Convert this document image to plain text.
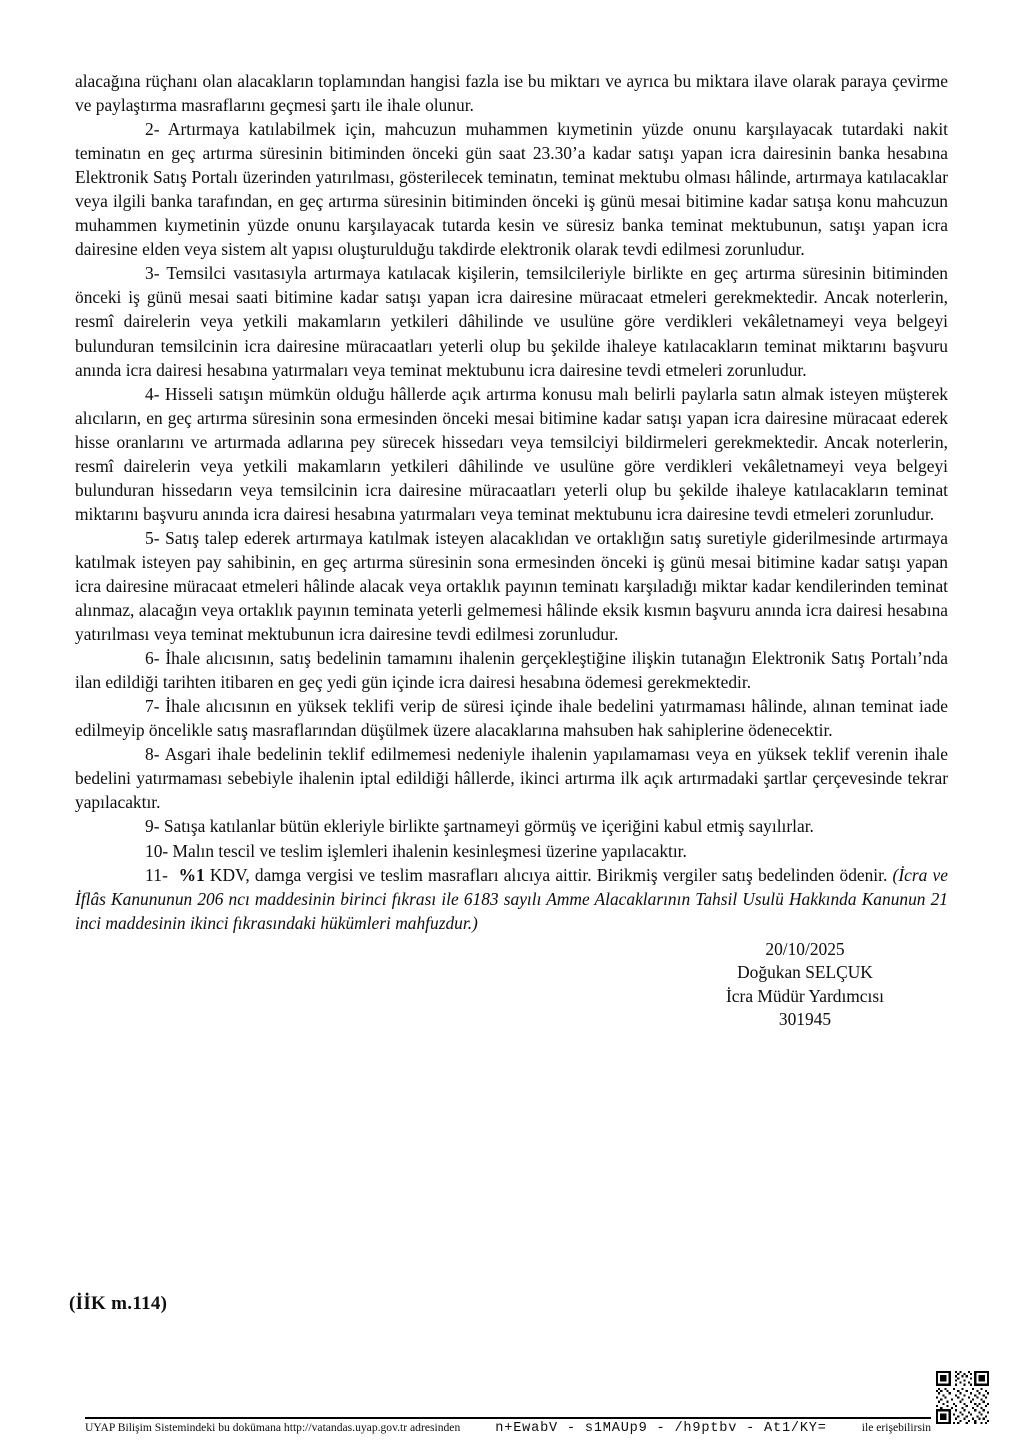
alacağına rüçhanı olan alacakların toplamından hangisi fazla ise bu miktarı ve ayrıca bu miktara ilave olarak paraya çevirme ve paylaştırma masraflarını geçmesi şartı ile ihale olunur.

2- Artırmaya katılabilmek için, mahcuzun muhammen kıymetinin yüzde onunu karşılayacak tutardaki nakit teminatın en geç artırma süresinin bitiminden önceki gün saat 23.30’a kadar satışı yapan icra dairesinin banka hesabına Elektronik Satış Portalı üzerinden yatırılması, gösterilecek teminatın, teminat mektubu olması hâlinde, artırmaya katılacaklar veya ilgili banka tarafından, en geç artırma süresinin bitiminden önceki iş günü mesai bitimine kadar satışa konu mahcuzun muhammen kıymetinin yüzde onunu karşılayacak tutarda kesin ve süresiz banka teminat mektubunun, satışı yapan icra dairesine elden veya sistem alt yapısı oluşturulduğu takdirde elektronik olarak tevdi edilmesi zorunludur.

3- Temsilci vasıtasıyla artırmaya katılacak kişilerin, temsilcileriyle birlikte en geç artırma süresinin bitiminden önceki iş günü mesai saati bitimine kadar satışı yapan icra dairesine müracaat etmeleri gerekmektedir. Ancak noterlerin, resmî dairelerin veya yetkili makamların yetkileri dâhilinde ve usulüne göre verdikleri vekâletnameyi veya belgeyi bulunduran temsilcinin icra dairesine müracaatları yeterli olup bu şekilde ihaleye katılacakların teminat miktarını başvuru anında icra dairesi hesabına yatırmaları veya teminat mektubunu icra dairesine tevdi etmeleri zorunludur.

4- Hisseli satışın mümkün olduğu hâllerde açık artırma konusu malı belirli paylarla satın almak isteyen müşterek alıcıların, en geç artırma süresinin sona ermesinden önceki mesai bitimine kadar satışı yapan icra dairesine müracaat ederek hisse oranlarını ve artırmada adlarına pey sürecek hissedarı veya temsilciyi bildirmeleri gerekmektedir. Ancak noterlerin, resmî dairelerin veya yetkili makamların yetkileri dâhilinde ve usulüne göre verdikleri vekâletnameyi veya belgeyi bulunduran hissedarın veya temsilcinin icra dairesine müracaatları yeterli olup bu şekilde ihaleye katılacakların teminat miktarını başvuru anında icra dairesi hesabına yatırmaları veya teminat mektubunu icra dairesine tevdi etmeleri zorunludur.

5- Satış talep ederek artırmaya katılmak isteyen alacaklıdan ve ortaklığın satış suretiyle giderilmesinde artırmaya katılmak isteyen pay sahibinin, en geç artırma süresinin sona ermesinden önceki iş günü mesai bitimine kadar satışı yapan icra dairesine müracaat etmeleri hâlinde alacak veya ortaklık payının teminatı karşıladığı miktar kadar kendilerinden teminat alınmaz, alacağın veya ortaklık payının teminata yeterli gelmemesi hâlinde eksik kısmın başvuru anında icra dairesi hesabına yatırılması veya teminat mektubunun icra dairesine tevdi edilmesi zorunludur.

6- İhale alıcısının, satış bedelinin tamamını ihalenin gerçekleştiğine ilişkin tutanağın Elektronik Satış Portalı’nda ilan edildiği tarihten itibaren en geç yedi gün içinde icra dairesi hesabına ödemesi gerekmektedir.

7- İhale alıcısının en yüksek teklifi verip de süresi içinde ihale bedelini yatırmaması hâlinde, alınan teminat iade edilmeyip öncelikle satış masraflarından düşülmek üzere alacaklarına mahsuben hak sahiplerine ödenecektir.

8- Asgari ihale bedelinin teklif edilmemesi nedeniyle ihalenin yapılamaması veya en yüksek teklif verenin ihale bedelini yatırmaması sebebiyle ihalenin iptal edildiği hâllerde, ikinci artırma ilk açık artırmadaki şartlar çerçevesinde tekrar yapılacaktır.

9- Satışa katılanlar bütün ekleriyle birlikte şartnameyi görmüş ve içeriğini kabul etmiş sayılırlar.

10- Malın tescil ve teslim işlemleri ihalenin kesinleşmesi üzerine yapılacaktır.

11- %1 KDV, damga vergisi ve teslim masrafları alıcıya aittir. Birikmiş vergiler satış bedelinden ödenir. (İcra ve İflâs Kanununun 206 ncı maddesinin birinci fıkrası ile 6183 sayılı Amme Alacaklarının Tahsil Usulü Hakkında Kanunun 21 inci maddesinin ikinci fıkrasındaki hükümleri mahfuzdur.)

20/10/2025
Doğukan SELÇUK
İcra Müdür Yardımcısı
301945
(İİK m.114)
UYAP Bilişim Sistemindeki bu dokümana http://vatandas.uyap.gov.tr adresinden	n+EwabV - s1MAUp9 - /h9ptbv - At1/KY=	ile erişebilirsin
